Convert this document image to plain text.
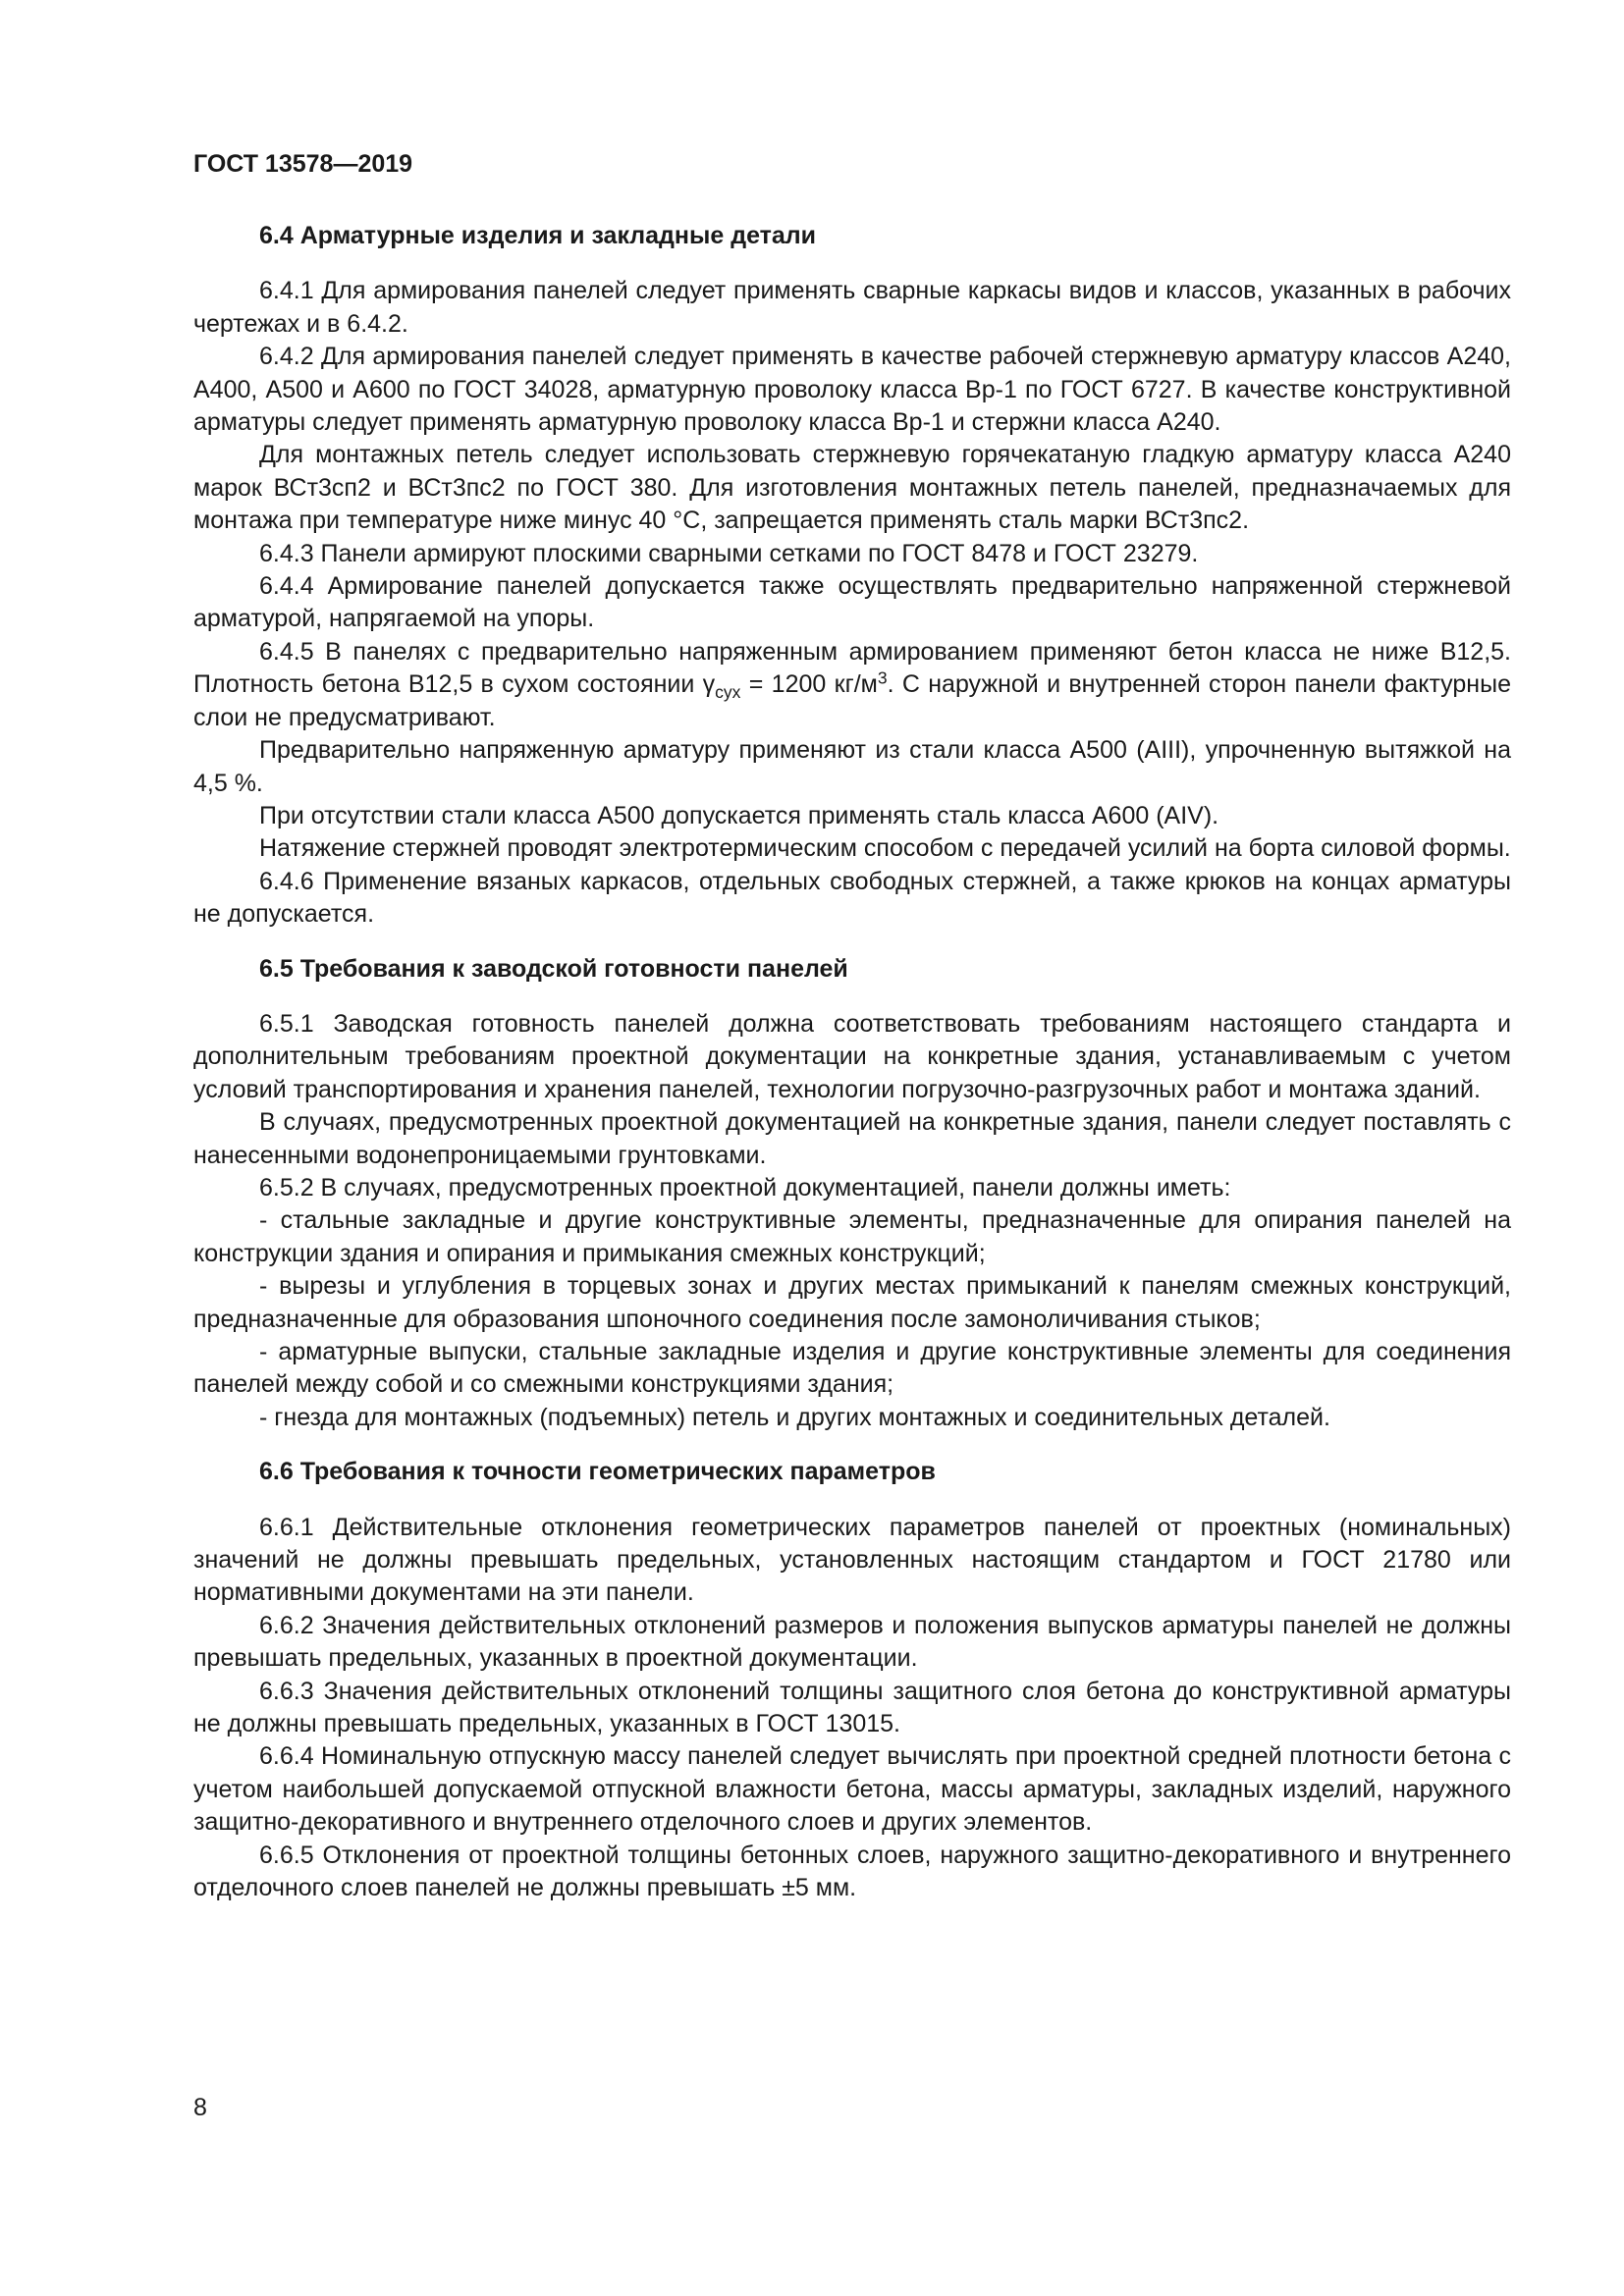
ГОСТ 13578—2019
6.4 Арматурные изделия и закладные детали

6.4.1 Для армирования панелей следует применять сварные каркасы видов и классов, указанных в рабочих чертежах и в 6.4.2.

6.4.2 Для армирования панелей следует применять в качестве рабочей стержневую арматуру классов А240, А400, А500 и А600 по ГОСТ 34028, арматурную проволоку класса Вр-1 по ГОСТ 6727. В качестве конструктивной арматуры следует применять арматурную проволоку класса Вр-1 и стержни класса А240.

Для монтажных петель следует использовать стержневую горячекатаную гладкую арматуру класса А240 марок ВСт3сп2 и ВСт3пс2 по ГОСТ 380. Для изготовления монтажных петель панелей, предназначаемых для монтажа при температуре ниже минус 40 °С, запрещается применять сталь марки ВСт3пс2.

6.4.3 Панели армируют плоскими сварными сетками по ГОСТ 8478 и ГОСТ 23279.

6.4.4 Армирование панелей допускается также осуществлять предварительно напряженной стержневой арматурой, напрягаемой на упоры.

6.4.5 В панелях с предварительно напряженным армированием применяют бетон класса не ниже В12,5. Плотность бетона В12,5 в сухом состоянии $\gamma_{сух} = 1200$ $кг/м^3$. С наружной и внутренней сторон панели фактурные слои не предусматривают.

Предварительно напряженную арматуру применяют из стали класса А500 (АIII), упрочненную вытяжкой на 4,5 %.

При отсутствии стали класса А500 допускается применять сталь класса А600 (AIV).

Натяжение стержней проводят электротермическим способом с передачей усилий на борта силовой формы.

6.4.6 Применение вязаных каркасов, отдельных свободных стержней, а также крюков на концах арматуры не допускается.

6.5 Требования к заводской готовности панелей

6.5.1 Заводская готовность панелей должна соответствовать требованиям настоящего стандарта и дополнительным требованиям проектной документации на конкретные здания, устанавливаемым с учетом условий транспортирования и хранения панелей, технологии погрузочно-разгрузочных работ и монтажа зданий.

В случаях, предусмотренных проектной документацией на конкретные здания, панели следует поставлять с нанесенными водонепроницаемыми грунтовками.

6.5.2 В случаях, предусмотренных проектной документацией, панели должны иметь:

- стальные закладные и другие конструктивные элементы, предназначенные для опирания панелей на конструкции здания и опирания и примыкания смежных конструкций;

- вырезы и углубления в торцевых зонах и других местах примыканий к панелям смежных конструкций, предназначенные для образования шпоночного соединения после замоноличивания стыков;

- арматурные выпуски, стальные закладные изделия и другие конструктивные элементы для соединения панелей между собой и со смежными конструкциями здания;

- гнезда для монтажных (подъемных) петель и других монтажных и соединительных деталей.

6.6 Требования к точности геометрических параметров

6.6.1 Действительные отклонения геометрических параметров панелей от проектных (номинальных) значений не должны превышать предельных, установленных настоящим стандартом и ГОСТ 21780 или нормативными документами на эти панели.

6.6.2 Значения действительных отклонений размеров и положения выпусков арматуры панелей не должны превышать предельных, указанных в проектной документации.

6.6.3 Значения действительных отклонений толщины защитного слоя бетона до конструктивной арматуры не должны превышать предельных, указанных в ГОСТ 13015.

6.6.4 Номинальную отпускную массу панелей следует вычислять при проектной средней плотности бетона с учетом наибольшей допускаемой отпускной влажности бетона, массы арматуры, закладных изделий, наружного защитно-декоративного и внутреннего отделочного слоев и других элементов.

6.6.5 Отклонения от проектной толщины бетонных слоев, наружного защитно-декоративного и внутреннего отделочного слоев панелей не должны превышать ±5 мм.

8
